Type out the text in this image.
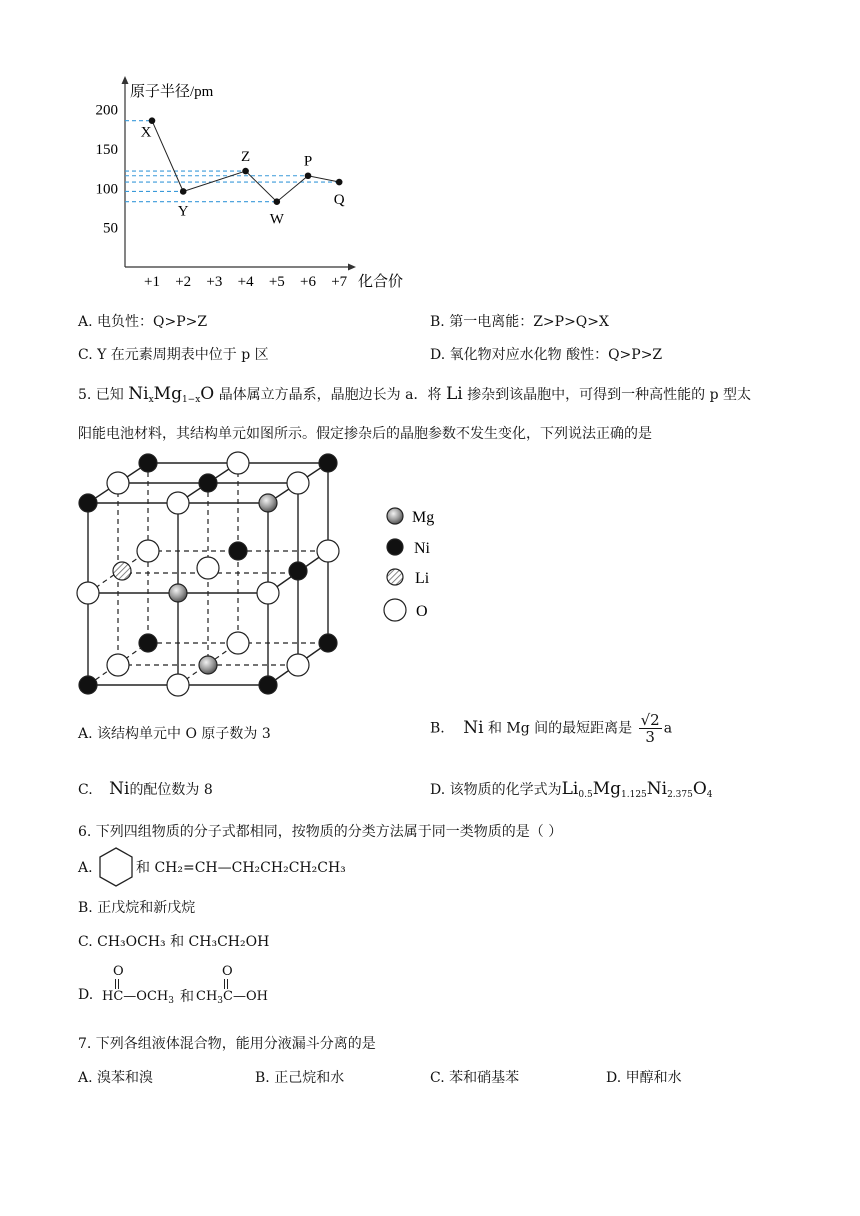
原子半径/pm
化合价
200
150
100
50
+1 +2 +3 +4 +5 +6 +7
X
Y
Z
W
P
Q
A. 电负性：Q>P>Z	B. 第一电离能：Z>P>Q>X
C. Y 在元素周期表中位于 p 区	D. 氧化物对应水化物 酸性：Q>P>Z
5. 已知 $Ni_xMg_{1-x}O$ 晶体属立方晶系，晶胞边长为 a．将 Li 掺杂到该晶胞中，可得到一种高性能的 p 型太
阳能电池材料，其结构单元如图所示。假定掺杂后的晶胞参数不发生变化，下列说法正确的是
Mg
Ni
Li
O
A. 该结构单元中 O 原子数为 3	B. Ni 和 Mg 间的最短距离是 $\frac{√2}{3}$ a
C. Ni的配位数为 8	D. 该物质的化学式为$Li_{0.5}Mg_{1.125}Ni_{2.375}O_4$
6. 下列四组物质的分子式都相同，按物质的分类方法属于同一类物质的是（ ）
A.	和 CH₂=CH—CH₂CH₂CH₂CH₃
B. 正戊烷和新戊烷
C. CH₃OCH₃ 和 CH₃CH₂OH
D.
O
$HC—OCH_3$ 和
O
$CH_3C—OH$
7. 下列各组液体混合物，能用分液漏斗分离的是
A. 溴苯和溴	B. 正己烷和水	C. 苯和硝基苯	D. 甲醇和水
